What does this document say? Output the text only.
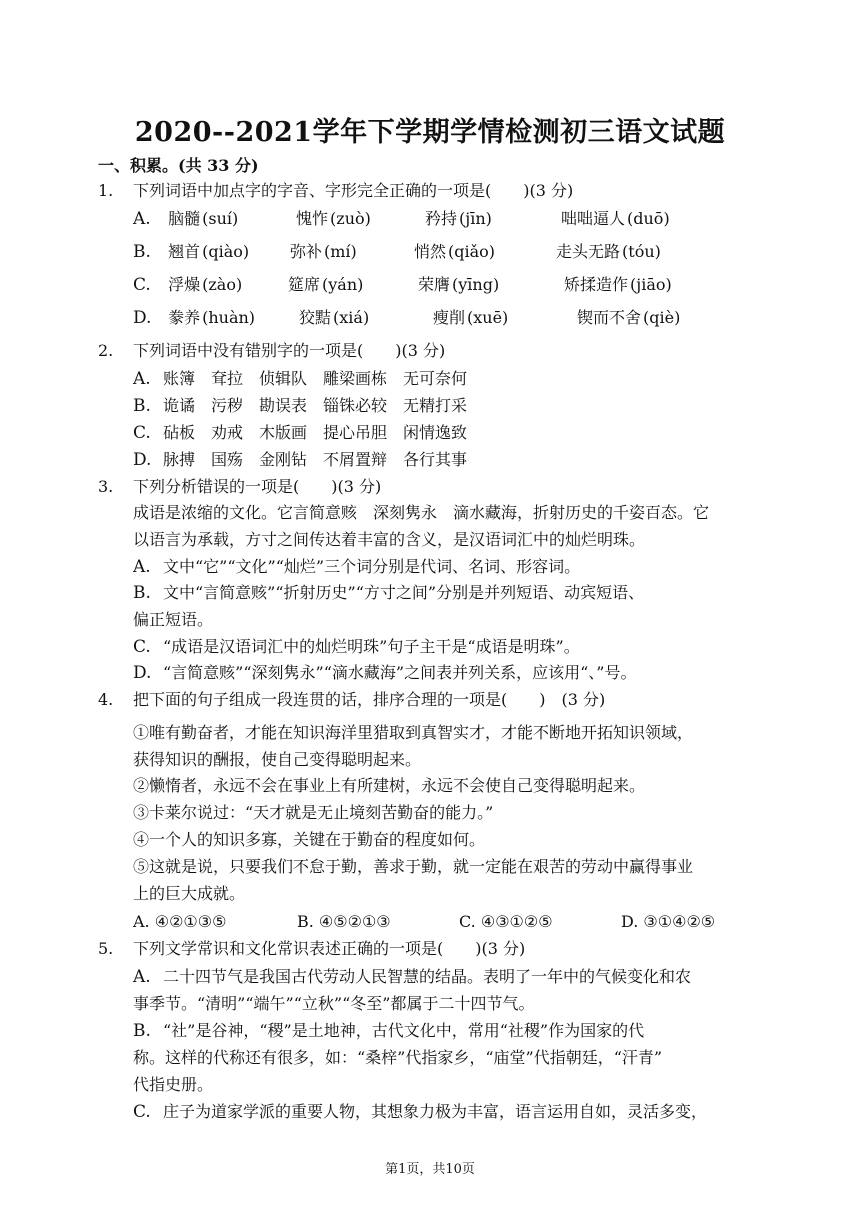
2020--2021学年下学期学情检测初三语文试题
一、积累。(共 33 分)
1. 下列词语中加点字的字音、字形完全正确的一项是(　　)(3 分)
A. 脑髓 (suí)	愧怍 (zuò)	矜持 (jīn)	咄咄逼人 (duō)
B. 翘首 (qiào)	弥补 (mí)	悄然 (qiǎo)	走头无路 (tóu)
C. 浮燥 (zào)	筵席 (yán)	荣膺 (yīng)	矫揉造作 (jiāo)
D. 豢养 (huàn)	狡黠 (xiá)	瘦削 (xuē)	锲而不舍 (qiè)
2. 下列词语中没有错别字的一项是(　　)(3 分)
A. 账簿　耷拉　侦辑队　雕梁画栋　无可奈何
B. 诡谲　污秽　勘误表　锱铢必较　无精打采
C. 砧板　劝戒　木版画　提心吊胆　闲情逸致
D. 脉搏　国殇　金刚钻　不屑置辩　各行其事
3. 下列分析错误的一项是(　　)(3 分)
成语是浓缩的文化。它言简意赅　深刻隽永　滴水藏海，折射历史的千姿百态。它
以语言为承载，方寸之间传达着丰富的含义，是汉语词汇中的灿烂明珠。
A. 文中“它”“文化”“灿烂”三个词分别是代词、名词、形容词。
B. 文中“言简意赅”“折射历史”“方寸之间”分别是并列短语、动宾短语、
偏正短语。
C. “成语是汉语词汇中的灿烂明珠”句子主干是“成语是明珠”。
D. “言简意赅”“深刻隽永”“滴水藏海”之间表并列关系，应该用“、”号。
4. 把下面的句子组成一段连贯的话，排序合理的一项是(　　)　(3 分)
①唯有勤奋者，才能在知识海洋里猎取到真智实才，才能不断地开拓知识领域，
获得知识的酬报，使自己变得聪明起来。
②懒惰者，永远不会在事业上有所建树，永远不会使自己变得聪明起来。
③卡莱尔说过：“天才就是无止境刻苦勤奋的能力。”
④一个人的知识多寡，关键在于勤奋的程度如何。
⑤这就是说，只要我们不怠于勤，善求于勤，就一定能在艰苦的劳动中赢得事业
上的巨大成就。
A. ④②①③⑤	B. ④⑤②①③	C. ④③①②⑤	D. ③①④②⑤
5. 下列文学常识和文化常识表述正确的一项是(　　)(3 分)
A. 二十四节气是我国古代劳动人民智慧的结晶。表明了一年中的气候变化和农
事季节。“清明”“端午”“立秋”“冬至”都属于二十四节气。
B. “社”是谷神，“稷”是土地神，古代文化中，常用“社稷”作为国家的代
称。这样的代称还有很多，如：“桑梓”代指家乡，“庙堂”代指朝廷，“汗青”
代指史册。
C. 庄子为道家学派的重要人物，其想象力极为丰富，语言运用自如，灵活多变，
第1页，共10页
